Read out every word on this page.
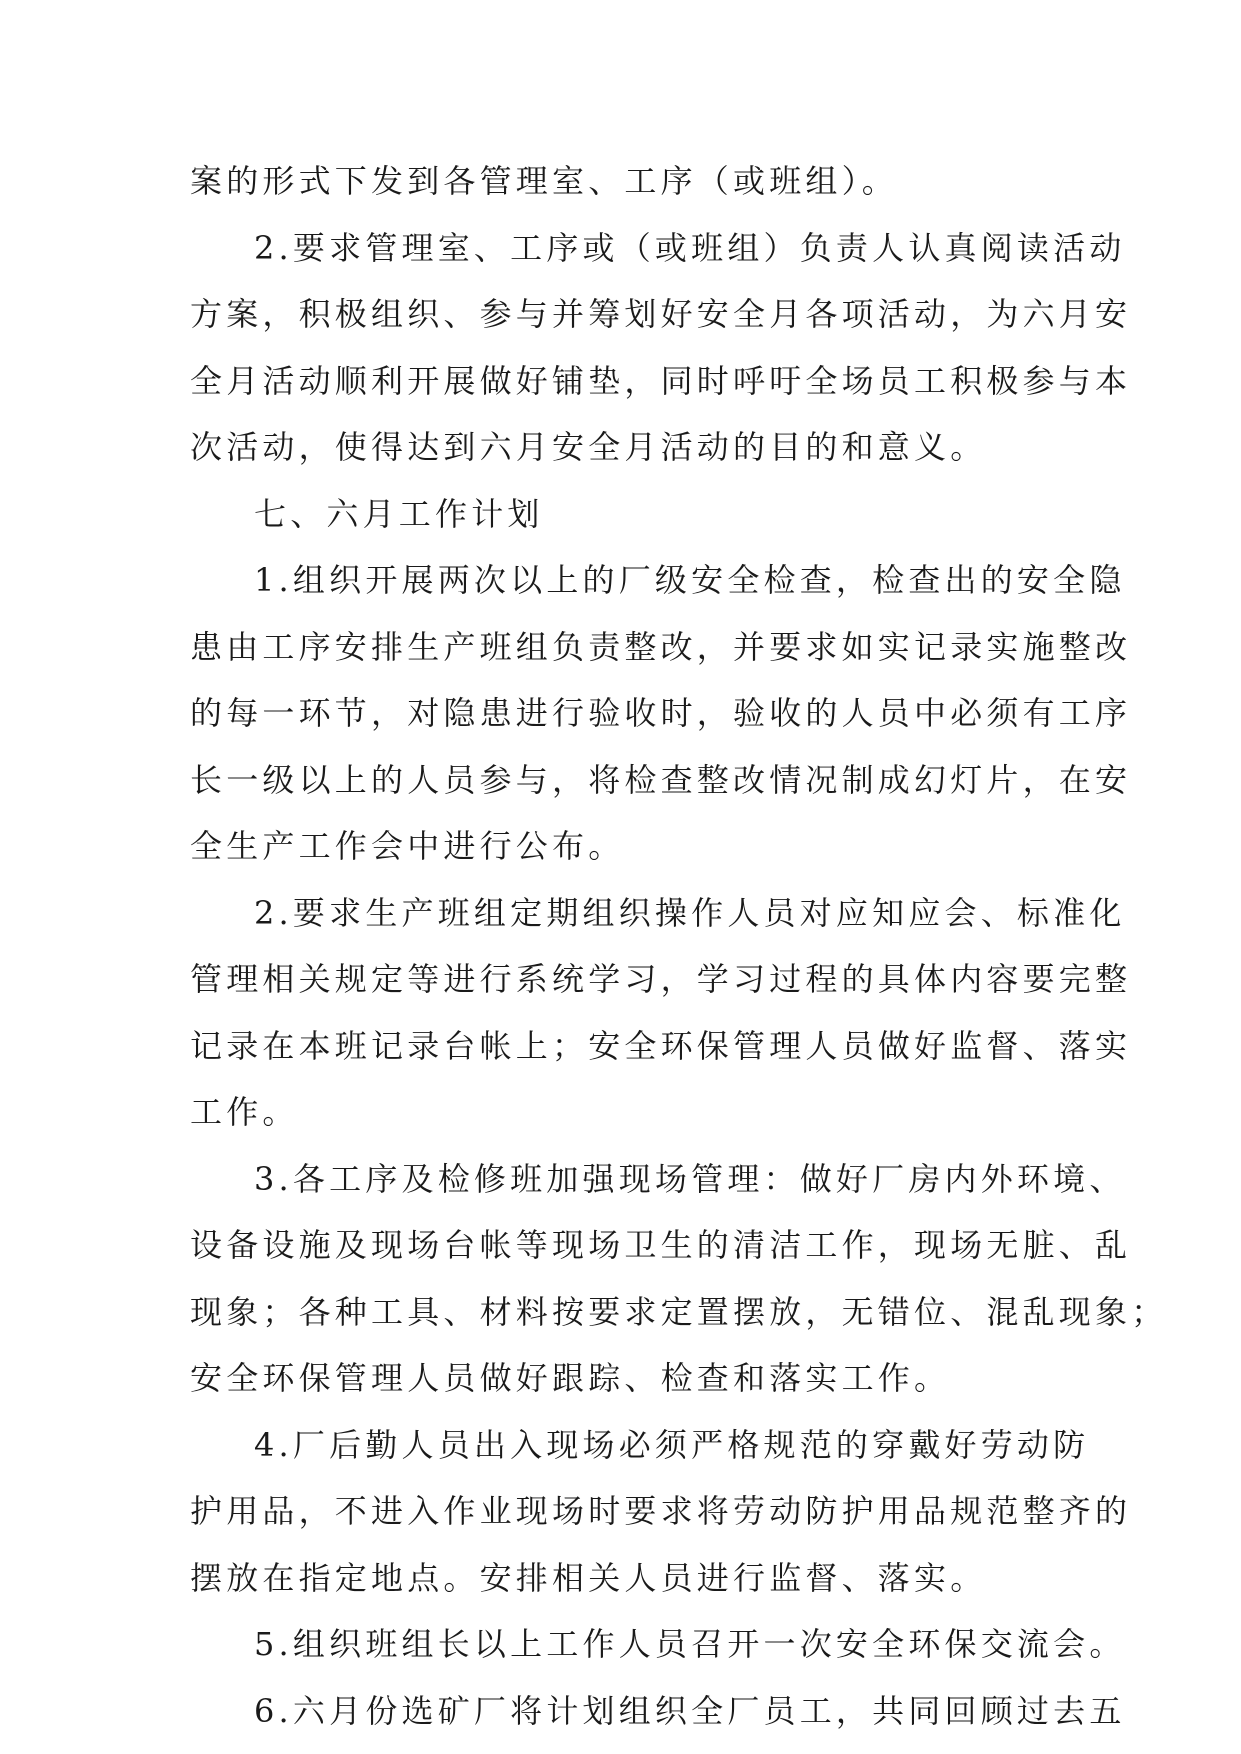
案的形式下发到各管理室、工序（或班组）。

2.要求管理室、工序或（或班组）负责人认真阅读活动

方案，积极组织、参与并筹划好安全月各项活动，为六月安

全月活动顺利开展做好铺垫，同时呼吁全场员工积极参与本

次活动，使得达到六月安全月活动的目的和意义。

七、六月工作计划

1.组织开展两次以上的厂级安全检查，检查出的安全隐

患由工序安排生产班组负责整改，并要求如实记录实施整改

的每一环节，对隐患进行验收时，验收的人员中必须有工序

长一级以上的人员参与，将检查整改情况制成幻灯片，在安

全生产工作会中进行公布。

2.要求生产班组定期组织操作人员对应知应会、标准化

管理相关规定等进行系统学习，学习过程的具体内容要完整

记录在本班记录台帐上；安全环保管理人员做好监督、落实

工作。

3.各工序及检修班加强现场管理：做好厂房内外环境、

设备设施及现场台帐等现场卫生的清洁工作，现场无脏、乱

现象；各种工具、材料按要求定置摆放，无错位、混乱现象；

安全环保管理人员做好跟踪、检查和落实工作。

4.厂后勤人员出入现场必须严格规范的穿戴好劳动防

护用品，不进入作业现场时要求将劳动防护用品规范整齐的

摆放在指定地点。安排相关人员进行监督、落实。

5.组织班组长以上工作人员召开一次安全环保交流会。

6.六月份选矿厂将计划组织全厂员工，共同回顾过去五
